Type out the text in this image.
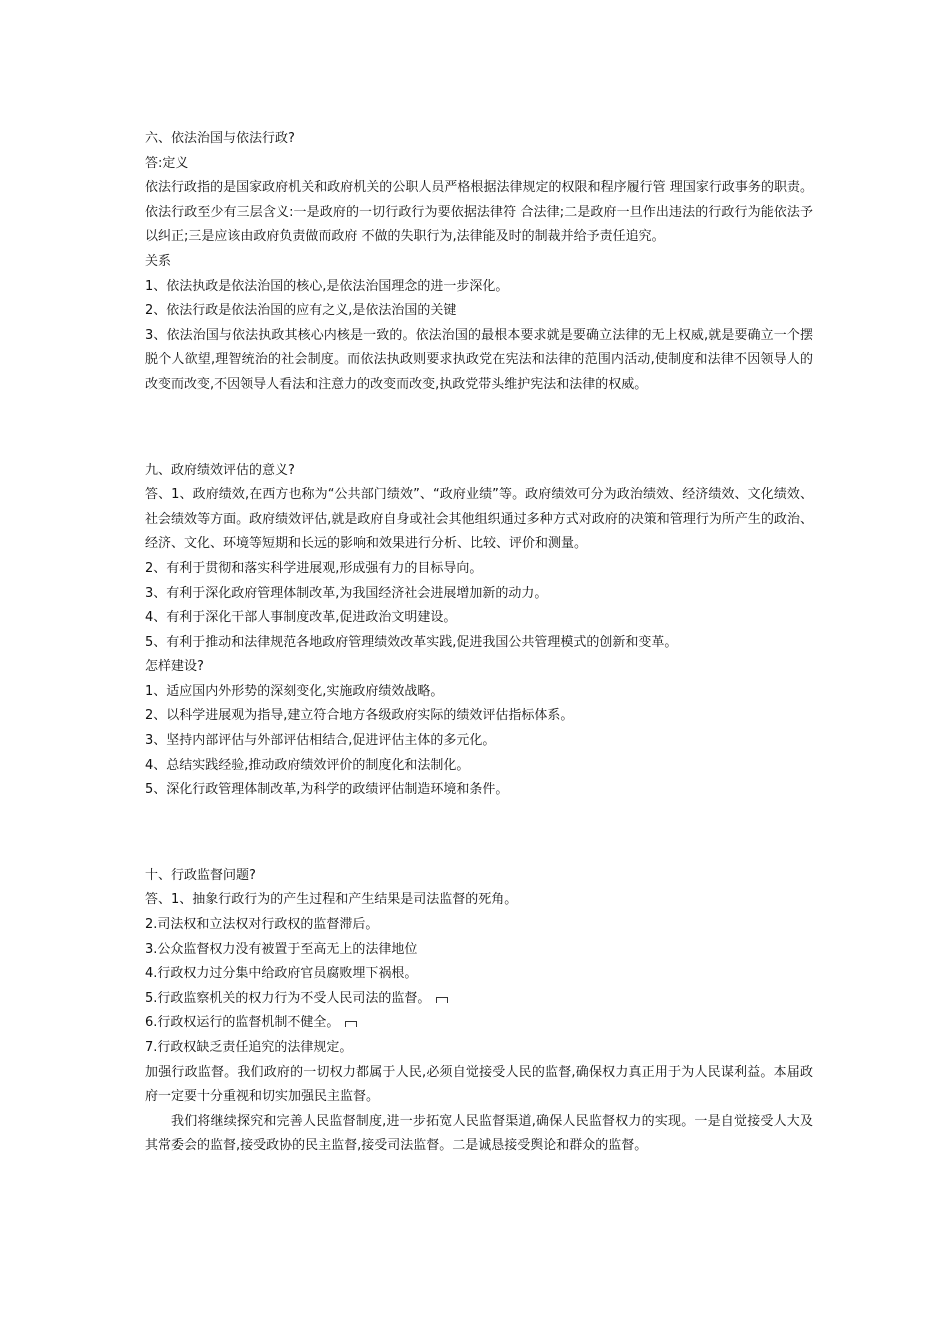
六、依法治国与依法行政?
答:定义
依法行政指的是国家政府机关和政府机关的公职人员严格根据法律规定的权限和程序履行管 理国家行政事务的职责。依法行政至少有三层含义:一是政府的一切行政行为要依据法律符 合法律;二是政府一旦作出违法的行政行为能依法予以纠正;三是应该由政府负责做而政府 不做的失职行为,法律能及时的制裁并给予责任追究。
关系
1、依法执政是依法治国的核心,是依法治国理念的进一步深化。
2、依法行政是依法治国的应有之义,是依法治国的关键
3、依法治国与依法执政其核心内核是一致的。依法治国的最根本要求就是要确立法律的无上权威,就是要确立一个摆脱个人欲望,理智统治的社会制度。而依法执政则要求执政党在宪法和法律的范围内活动,使制度和法律不因领导人的改变而改变,不因领导人看法和注意力的改变而改变,执政党带头维护宪法和法律的权威。
九、政府绩效评估的意义?
答、1、政府绩效,在西方也称为“公共部门绩效”、“政府业绩”等。政府绩效可分为政治绩效、经济绩效、文化绩效、社会绩效等方面。政府绩效评估,就是政府自身或社会其他组织通过多种方式对政府的决策和管理行为所产生的政治、经济、文化、环境等短期和长远的影响和效果进行分析、比较、评价和测量。
2、有利于贯彻和落实科学进展观,形成强有力的目标导向。
3、有利于深化政府管理体制改革,为我国经济社会进展增加新的动力。
4、有利于深化干部人事制度改革,促进政治文明建设。
5、有利于推动和法律规范各地政府管理绩效改革实践,促进我国公共管理模式的创新和变革。
怎样建设?
1、适应国内外形势的深刻变化,实施政府绩效战略。
2、以科学进展观为指导,建立符合地方各级政府实际的绩效评估指标体系。
3、坚持内部评估与外部评估相结合,促进评估主体的多元化。
4、总结实践经验,推动政府绩效评价的制度化和法制化。
5、深化行政管理体制改革,为科学的政绩评估制造环境和条件。
十、行政监督问题?
答、1、抽象行政行为的产生过程和产生结果是司法监督的死角。
2.司法权和立法权对行政权的监督滞后。
3.公众监督权力没有被置于至高无上的法律地位
4.行政权力过分集中给政府官员腐败埋下祸根。
5.行政监察机关的权力行为不受人民司法的监督。
6.行政权运行的监督机制不健全。
7.行政权缺乏责任追究的法律规定。
加强行政监督。我们政府的一切权力都属于人民,必须自觉接受人民的监督,确保权力真正用于为人民谋利益。本届政府一定要十分重视和切实加强民主监督。
我们将继续探究和完善人民监督制度,进一步拓宽人民监督渠道,确保人民监督权力的实现。一是自觉接受人大及其常委会的监督,接受政协的民主监督,接受司法监督。二是诚恳接受舆论和群众的监督。
